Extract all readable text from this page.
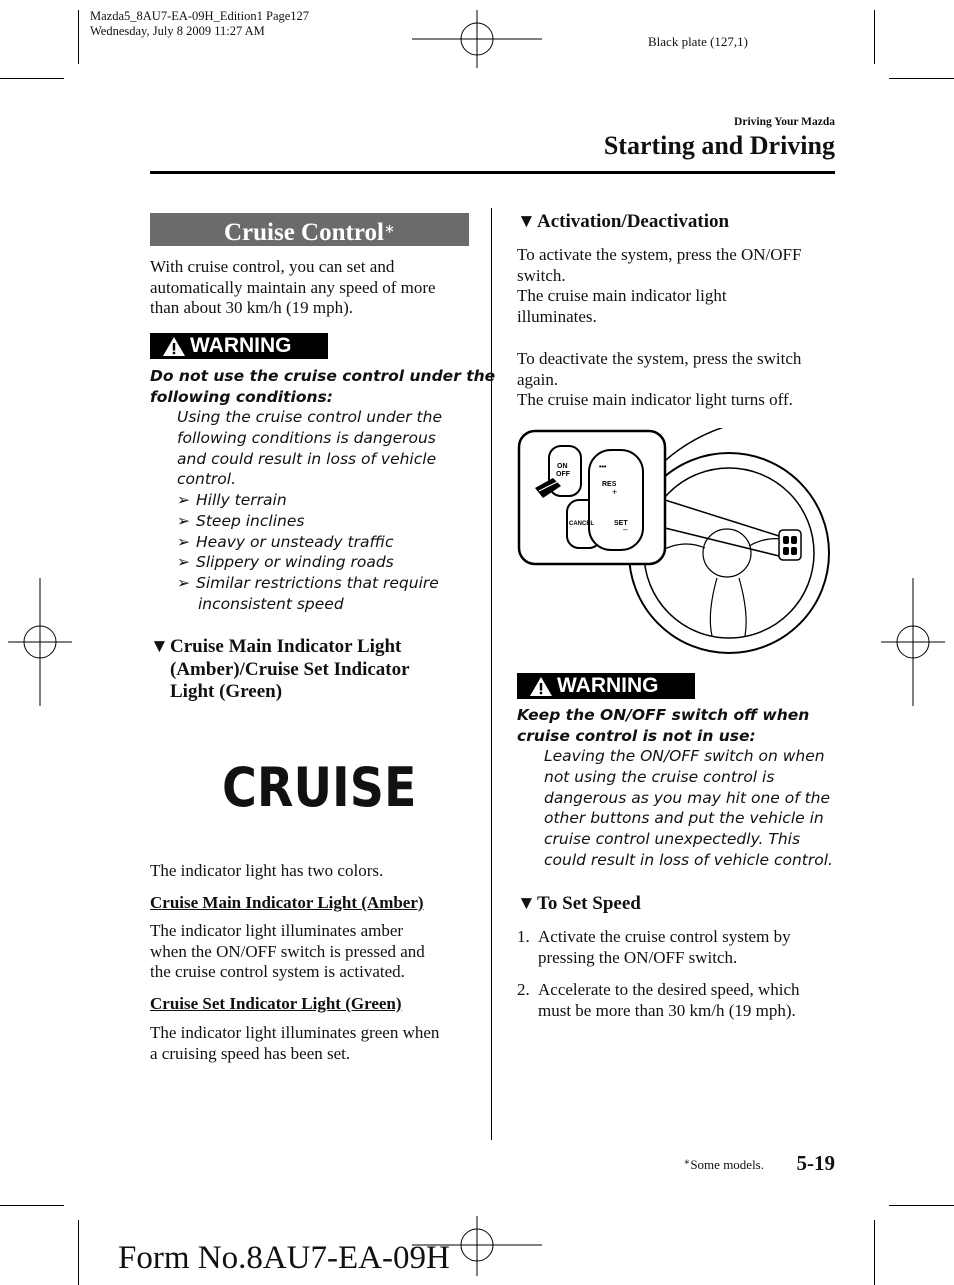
Mazda5_8AU7-EA-09H_Edition1 Page127
Wednesday, July 8 2009 11:27 AM
Black plate (127,1)
Driving Your Mazda
Starting and Driving
Cruise Control∗

With cruise control, you can set and
automatically maintain any speed of more
than about 30 km/h (19 mph).

WARNING

Do not use the cruise control under the
following conditions:

Using the cruise control under the
following conditions is dangerous
and could result in loss of vehicle
control.

➢ Hilly terrain
➢ Steep inclines
➢ Heavy or unsteady traffic
➢ Slippery or winding roads
➢ Similar restrictions that require
inconsistent speed

▼Cruise Main Indicator Light
(Amber)/Cruise Set Indicator
Light (Green)

CRUISE

The indicator light has two colors.

Cruise Main Indicator Light (Amber)

The indicator light illuminates amber
when the ON/OFF switch is pressed and
the cruise control system is activated.

Cruise Set Indicator Light (Green)

The indicator light illuminates green when
a cruising speed has been set.

▼Activation/Deactivation

To activate the system, press the ON/OFF
switch.
The cruise main indicator light
illuminates.

To deactivate the system, press the switch
again.
The cruise main indicator light turns off.

ON
OFF
•••
RES
+
CANCEL	SET
–
WARNING

Keep the ON/OFF switch off when
cruise control is not in use:

Leaving the ON/OFF switch on when
not using the cruise control is
dangerous as you may hit one of the
other buttons and put the vehicle in
cruise control unexpectedly. This
could result in loss of vehicle control.

▼To Set Speed

1. Activate the cruise control system by
pressing the ON/OFF switch.

2. Accelerate to the desired speed, which
must be more than 30 km/h (19 mph).

∗Some models. 5-19
Form No.8AU7-EA-09H
